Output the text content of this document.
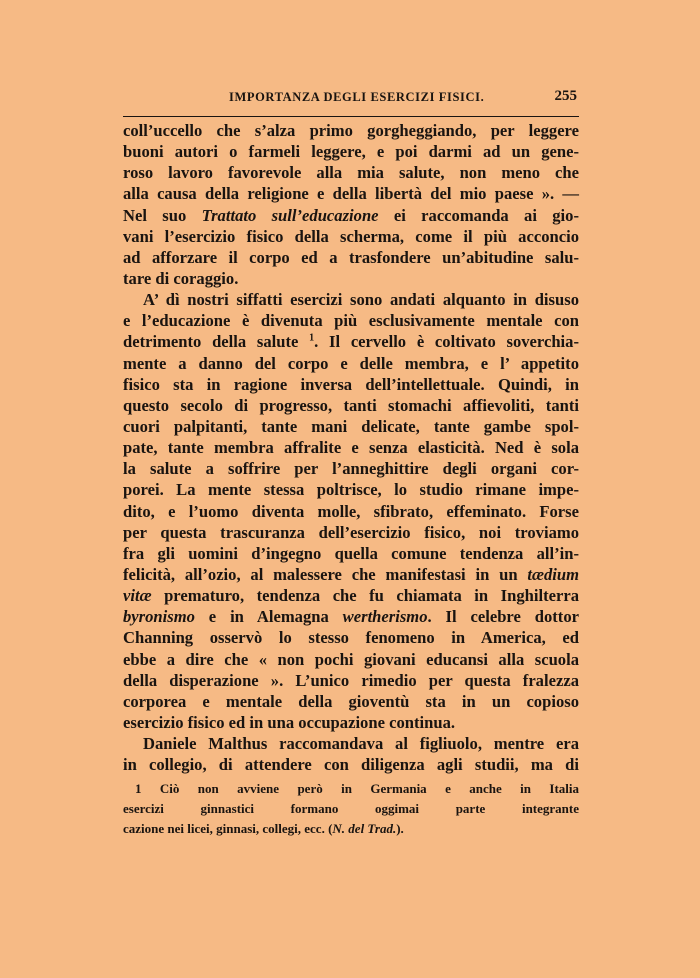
IMPORTANZA DEGLI ESERCIZI FISICI.	255
coll’uccello che s’alza primo gorgheggiando, per leggere
buoni autori o farmeli leggere, e poi darmi ad un gene-
roso lavoro favorevole alla mia salute, non meno che
alla causa della religione e della libertà del mio paese ». —
Nel suo Trattato sull’educazione ei raccomanda ai gio-
vani l’esercizio fisico della scherma, come il più acconcio
ad afforzare il corpo ed a trasfondere un’abitudine salu-
tare di coraggio.
A’ dì nostri siffatti esercizi sono andati alquanto in disuso
e l’educazione è divenuta più esclusivamente mentale con
detrimento della salute $^1$. Il cervello è coltivato soverchia-
mente a danno del corpo e delle membra, e l’ appetito
fisico sta in ragione inversa dell’intellettuale. Quindi, in
questo secolo di progresso, tanti stomachi affievoliti, tanti
cuori palpitanti, tante mani delicate, tante gambe spol-
pate, tante membra affralite e senza elasticità. Ned è sola
la salute a soffrire per l’anneghittire degli organi cor-
porei. La mente stessa poltrisce, lo studio rimane impe-
dito, e l’uomo diventa molle, sfibrato, effeminato. Forse
per questa trascuranza dell’esercizio fisico, noi troviamo
fra gli uomini d’ingegno quella comune tendenza all’in-
felicità, all’ozio, al malessere che manifestasi in un tædium
vitæ prematuro, tendenza che fu chiamata in Inghilterra
byronismo e in Alemagna wertherismo. Il celebre dottor
Channing osservò lo stesso fenomeno in America, ed
ebbe a dire che « non pochi giovani educansi alla scuola
della disperazione ». L’unico rimedio per questa fralezza
corporea e mentale della gioventù sta in un copioso
esercizio fisico ed in una occupazione continua.
Daniele Malthus raccomandava al figliuolo, mentre era
in collegio, di attendere con diligenza agli studii, ma di
1 Ciò non avviene però in Germania e anche in Italia
esercizi ginnastici formano oggimai parte integrante
cazione nei licei, ginnasi, collegi, ecc. (N. del Trad.).
